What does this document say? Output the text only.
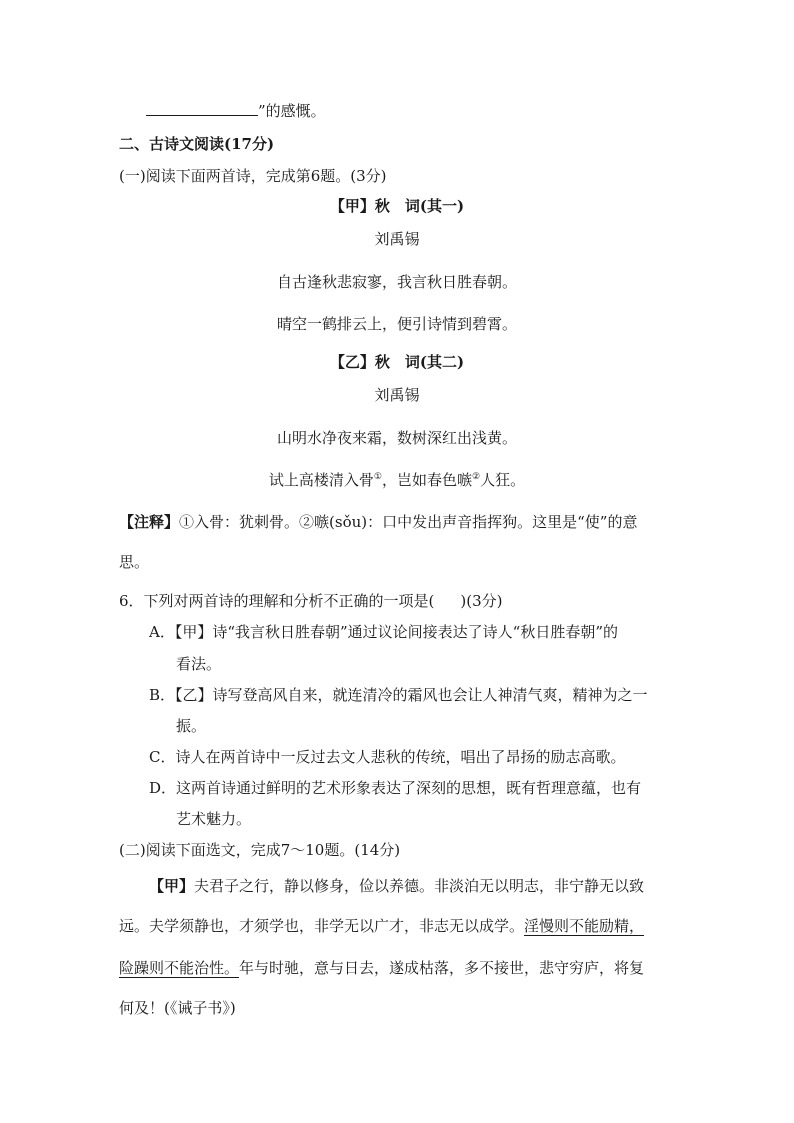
”的感慨。
二、古诗文阅读(17分)
(一)阅读下面两首诗，完成第6题。(3分)
【甲】秋　词(其一)
刘禹锡
自古逢秋悲寂寥，我言秋日胜春朝。
晴空一鹤排云上，便引诗情到碧霄。
【乙】秋　词(其二)
刘禹锡
山明水净夜来霜，数树深红出浅黄。
试上高楼清入骨①，岂如春色嗾②人狂。
【注释】①入骨：犹刺骨。②嗾(sǒu)：口中发出声音指挥狗。这里是“使”的意
思。
6．下列对两首诗的理解和分析不正确的一项是( )(3分)
A．【甲】诗“我言秋日胜春朝”通过议论间接表达了诗人“秋日胜春朝”的
看法。
B．【乙】诗写登高风自来，就连清冷的霜风也会让人神清气爽，精神为之一
振。
C．诗人在两首诗中一反过去文人悲秋的传统，唱出了昂扬的励志高歌。
D．这两首诗通过鲜明的艺术形象表达了深刻的思想，既有哲理意蕴，也有
艺术魅力。
(二)阅读下面选文，完成7～10题。(14分)
【甲】夫君子之行，静以修身，俭以养德。非淡泊无以明志，非宁静无以致
远。夫学须静也，才须学也，非学无以广才，非志无以成学。淫慢则不能励精，
险躁则不能治性。年与时驰，意与日去，遂成枯落，多不接世，悲守穷庐，将复
何及！(《诫子书》)
